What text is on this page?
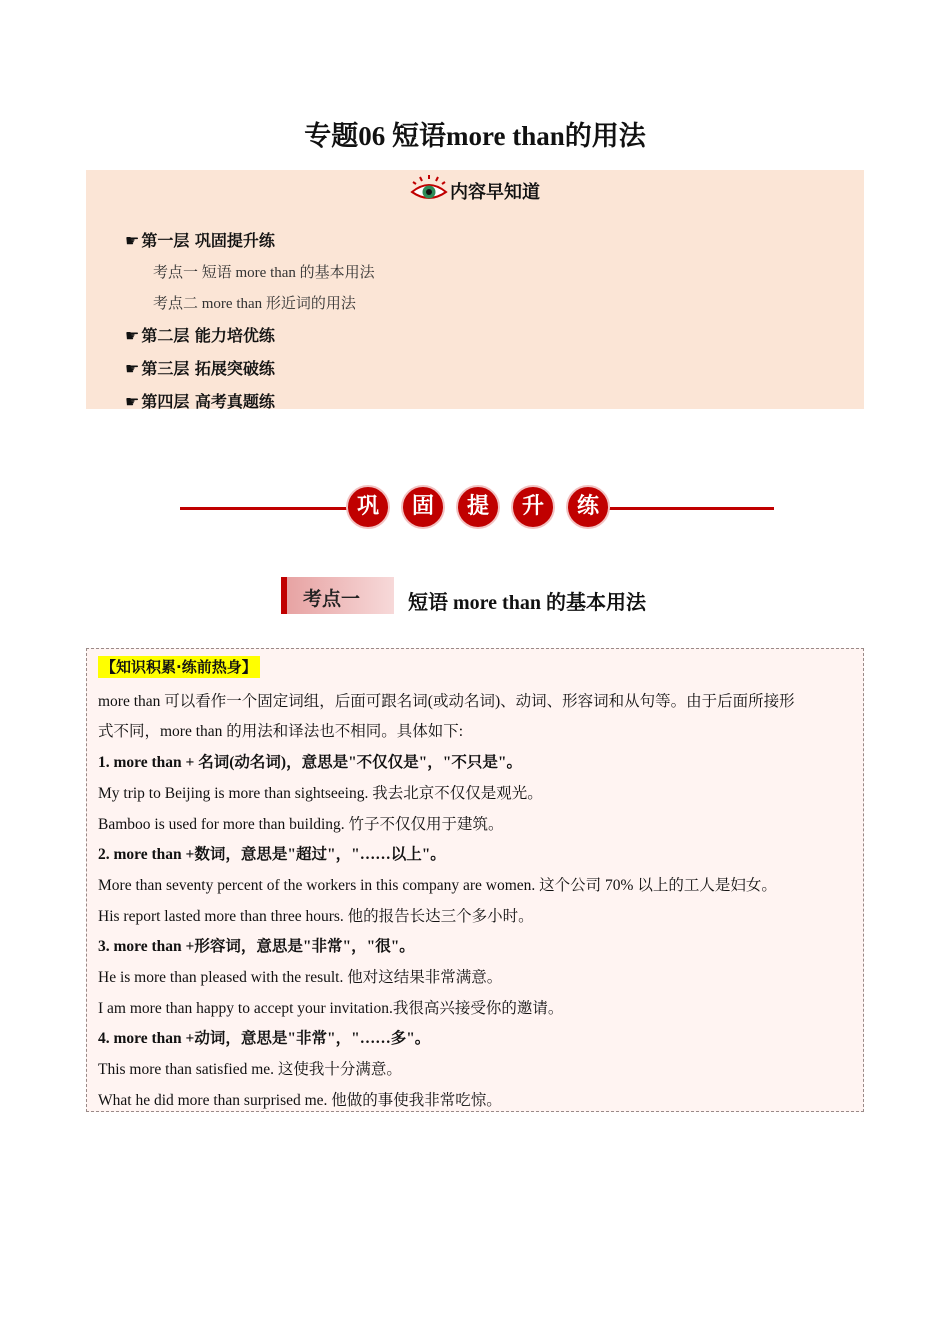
专题06 短语more than的用法
内容早知道
☛ 第一层 巩固提升练
考点一 短语 more than 的基本用法
考点二 more than 形近词的用法
☛ 第二层 能力培优练
☛ 第三层 拓展突破练
☛ 第四层 高考真题练
巩	固	提	升	练
考点一 短语 more than 的基本用法
【知识积累·练前热身】
more than 可以看作一个固定词组，后面可跟名词(或动名词)、动词、形容词和从句等。由于后面所接形
式不同，more than 的用法和译法也不相同。具体如下:
1. more than + 名词(动名词)，意思是"不仅仅是"，"不只是"。
My trip to Beijing is more than sightseeing. 我去北京不仅仅是观光。
Bamboo is used for more than building. 竹子不仅仅用于建筑。
2. more than +数词，意思是"超过"，"……以上"。
More than seventy percent of the workers in this company are women. 这个公司 70% 以上的工人是妇女。
His report lasted more than three hours. 他的报告长达三个多小时。
3. more than +形容词，意思是"非常"，"很"。
He is more than pleased with the result. 他对这结果非常满意。
I am more than happy to accept your invitation.我很高兴接受你的邀请。
4. more than +动词，意思是"非常"，"……多"。
This more than satisfied me. 这使我十分满意。
What he did more than surprised me. 他做的事使我非常吃惊。
